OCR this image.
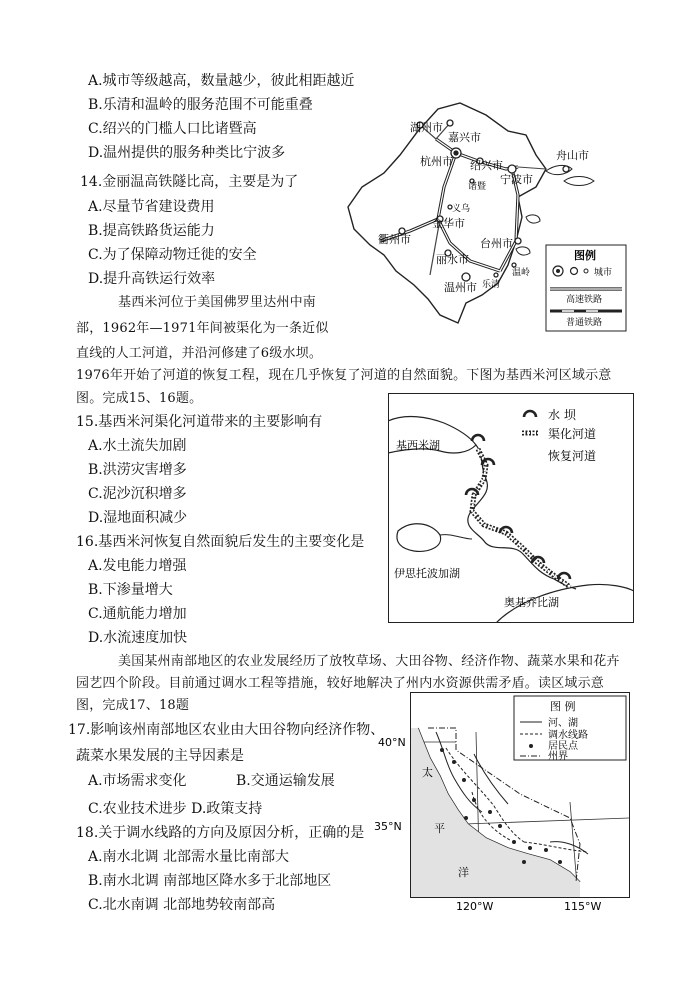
A.城市等级越高，数量越少，彼此相距越近
B.乐清和温岭的服务范围不可能重叠
C.绍兴的门槛人口比诸暨高
D.温州提供的服务种类比宁波多
14.金丽温高铁隧比高，主要是为了
A.尽量节省建设费用
B.提高铁路货运能力
C.为了保障动物迁徙的安全
D.提升高铁运行效率
基西米河位于美国佛罗里达州中南
部，1962年—1971年间被渠化为一条近似
直线的人工河道，并沿河修建了6级水坝。
1976年开始了河道的恢复工程，现在几乎恢复了河道的自然面貌。下图为基西米河区域示意
图。完成15、16题。
15.基西米河渠化河道带来的主要影响有
A.水土流失加剧
B.洪涝灾害增多
C.泥沙沉积增多
D.湿地面积减少
16.基西米河恢复自然面貌后发生的主要变化是
A.发电能力增强
B.下渗量增大
C.通航能力增加
D.水流速度加快
美国某州南部地区的农业发展经历了放牧草场、大田谷物、经济作物、蔬菜水果和花卉
园艺四个阶段。目前通过调水工程等措施，较好地解决了州内水资源供需矛盾。读区域示意
图，完成17、18题
17.影响该州南部地区农业由大田谷物向经济作物、
蔬菜水果发展的主导因素是
A.市场需求变化	B.交通运输发展
C.农业技术进步 D.政策支持
18.关于调水线路的方向及原因分析，正确的是
A.南水北调 北部需水量比南部大
B.南水北调 南部地区降水多于北部地区
C.北水南调 北部地势较南部高
湖州市
嘉兴市
杭州市 绍兴市
宁波市
舟山市
诸暨
义乌
金华市
衢州市
丽水市
台州市
温岭
乐清
温州市
图例
城市
高速铁路
普通铁路
基西米湖
伊思托波加湖
奥基乔比湖
水 坝
渠化河道
恢复河道
40°N
35°N
120°W	115°W
太
平
洋
图 例
河、湖
调水线路
居民点
州界
